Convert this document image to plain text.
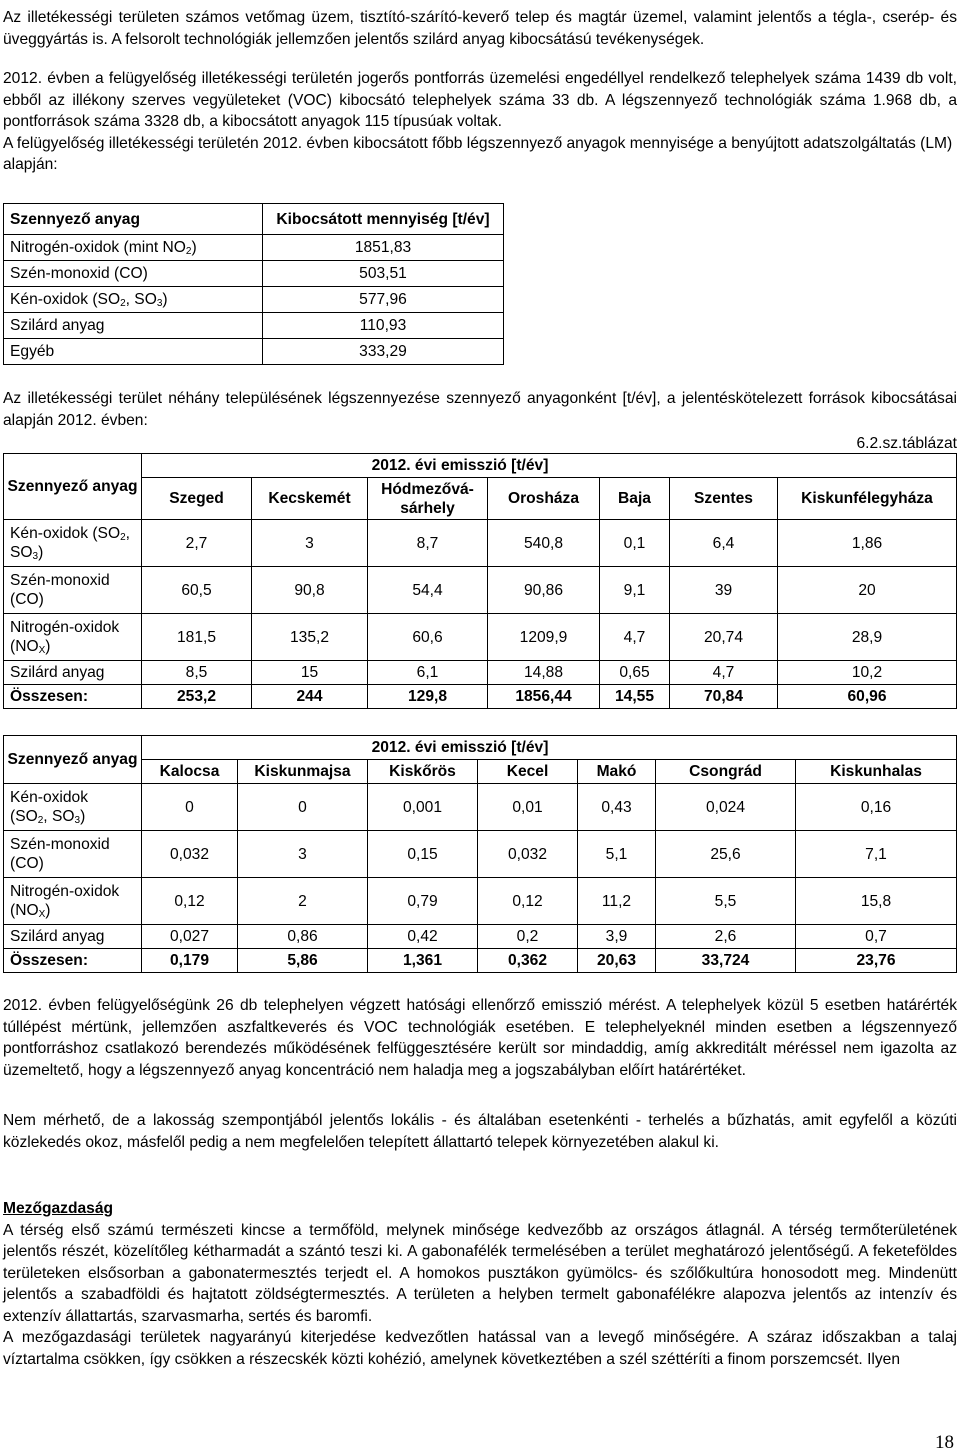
Az illetékességi területen számos vetőmag üzem, tisztító-szárító-keverő telep és magtár üzemel, valamint jelentős a tégla-, cserép- és üveggyártás is. A felsorolt technológiák jellemzően jelentős szilárd anyag kibocsátású tevékenységek.

2012. évben a felügyelőség illetékességi területén jogerős pontforrás üzemelési engedéllyel rendelkező telephelyek száma 1439 db volt, ebből az illékony szerves vegyületeket (VOC) kibocsátó telephelyek száma 33 db. A légszennyező technológiák száma 1.968 db, a pontforrások száma 3328 db, a kibocsátott anyagok 115 típusúak voltak.

A felügyelőség illetékességi területén 2012. évben kibocsátott főbb légszennyező anyagok mennyisége a benyújtott adatszolgáltatás (LM) alapján:

Szennyező anyag	Kibocsátott mennyiség [t/év]
Nitrogén-oxidok (mint $NO_2$)	1851,83
Szén-monoxid (CO)	503,51
Kén-oxidok ($SO_2$, $SO_3$)	577,96
Szilárd anyag	110,93
Egyéb	333,29

Az illetékességi terület néhány településének légszennyezése szennyező anyagonként [t/év], a jelentéskötelezett források kibocsátásai alapján 2012. évben:

6.2.sz.táblázat
Szennyező anyag	2012. évi emisszió [t/év]						
	Szeged	Kecskemét	Hódmezővá-sárhely	Orosháza	Baja	Szentes	Kiskunfélegyháza
Kén-oxidok ($SO_2$,
$SO_3$)	2,7	3	8,7	540,8	0,1	6,4	1,86
Szén-monoxid
(CO)	60,5	90,8	54,4	90,86	9,1	39	20
Nitrogén-oxidok
$(NO_X)$	181,5	135,2	60,6	1209,9	4,7	20,74	28,9
Szilárd anyag	8,5	15	6,1	14,88	0,65	4,7	10,2
Összesen:	253,2	244	129,8	1856,44	14,55	70,84	60,96
Szennyező anyag	2012. évi emisszió [t/év]						
	Kalocsa	Kiskunmajsa	Kiskőrös	Kecel	Makó	Csongrád	Kiskunhalas
Kén-oxidok
($SO_2$, $SO_3$)	0	0	0,001	0,01	0,43	0,024	0,16
Szén-monoxid
(CO)	0,032	3	0,15	0,032	5,1	25,6	7,1
Nitrogén-oxidok
$(NO_X)$	0,12	2	0,79	0,12	11,2	5,5	15,8
Szilárd anyag	0,027	0,86	0,42	0,2	3,9	2,6	0,7
Összesen:	0,179	5,86	1,361	0,362	20,63	33,724	23,76

2012. évben felügyelőségünk 26 db telephelyen végzett hatósági ellenőrző emisszió mérést. A telephelyek közül 5 esetben határérték túllépést mértünk, jellemzően aszfaltkeverés és VOC technológiák esetében. E telephelyeknél minden esetben a légszennyező pontforráshoz csatlakozó berendezés működésének felfüggesztésére került sor mindaddig, amíg akkreditált méréssel nem igazolta az üzemeltető, hogy a légszennyező anyag koncentráció nem haladja meg a jogszabályban előírt határértéket.

Nem mérhető, de a lakosság szempontjából jelentős lokális - és általában esetenkénti - terhelés a bűzhatás, amit egyfelől a közúti közlekedés okoz, másfelől pedig a nem megfelelően telepített állattartó telepek környezetében alakul ki.

Mezőgazdaság

A térség első számú természeti kincse a termőföld, melynek minősége kedvezőbb az országos átlagnál. A térség termőterületének jelentős részét, közelítőleg kétharmadát a szántó teszi ki. A gabonafélék termelésében a terület meghatározó jelentőségű. A feketeföldes területeken elsősorban a gabonatermesztés terjedt el. A homokos pusztákon gyümölcs- és szőlőkultúra honosodott meg. Mindenütt jelentős a szabadföldi és hajtatott zöldségtermesztés. A területen a helyben termelt gabonafélékre alapozva jelentős az intenzív és extenzív állattartás, szarvasmarha, sertés és baromfi.

A mezőgazdasági területek nagyarányú kiterjedése kedvezőtlen hatással van a levegő minőségére. A száraz időszakban a talaj víztartalma csökken, így csökken a részecskék közti kohézió, amelynek következtében a szél széttéríti a finom porszemcsét. Ilyen

18
